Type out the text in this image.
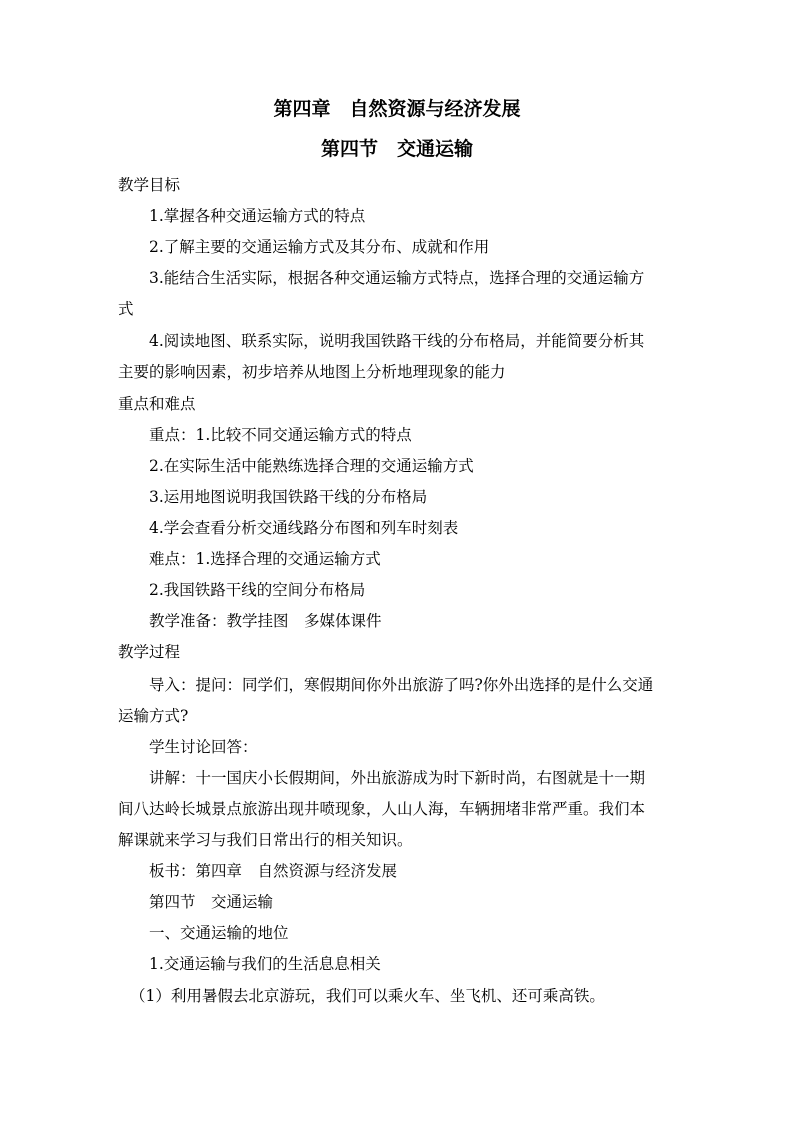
第四章　自然资源与经济发展
第四节　交通运输

教学目标

1.掌握各种交通运输方式的特点

2.了解主要的交通运输方式及其分布、成就和作用

3.能结合生活实际，根据各种交通运输方式特点，选择合理的交通运输方

式

4.阅读地图、联系实际，说明我国铁路干线的分布格局，并能简要分析其

主要的影响因素，初步培养从地图上分析地理现象的能力

重点和难点

重点：1.比较不同交通运输方式的特点

2.在实际生活中能熟练选择合理的交通运输方式

3.运用地图说明我国铁路干线的分布格局

4.学会查看分析交通线路分布图和列车时刻表

难点：1.选择合理的交通运输方式

2.我国铁路干线的空间分布格局

教学准备：教学挂图　多媒体课件

教学过程

导入：提问：同学们，寒假期间你外出旅游了吗?你外出选择的是什么交通

运输方式?

学生讨论回答：

讲解：十一国庆小长假期间，外出旅游成为时下新时尚，右图就是十一期

间八达岭长城景点旅游出现井喷现象，人山人海，车辆拥堵非常严重。我们本

解课就来学习与我们日常出行的相关知识。

板书：第四章　自然资源与经济发展

第四节　交通运输

一、交通运输的地位

1.交通运输与我们的生活息息相关

（1）利用暑假去北京游玩，我们可以乘火车、坐飞机、还可乘高铁。
